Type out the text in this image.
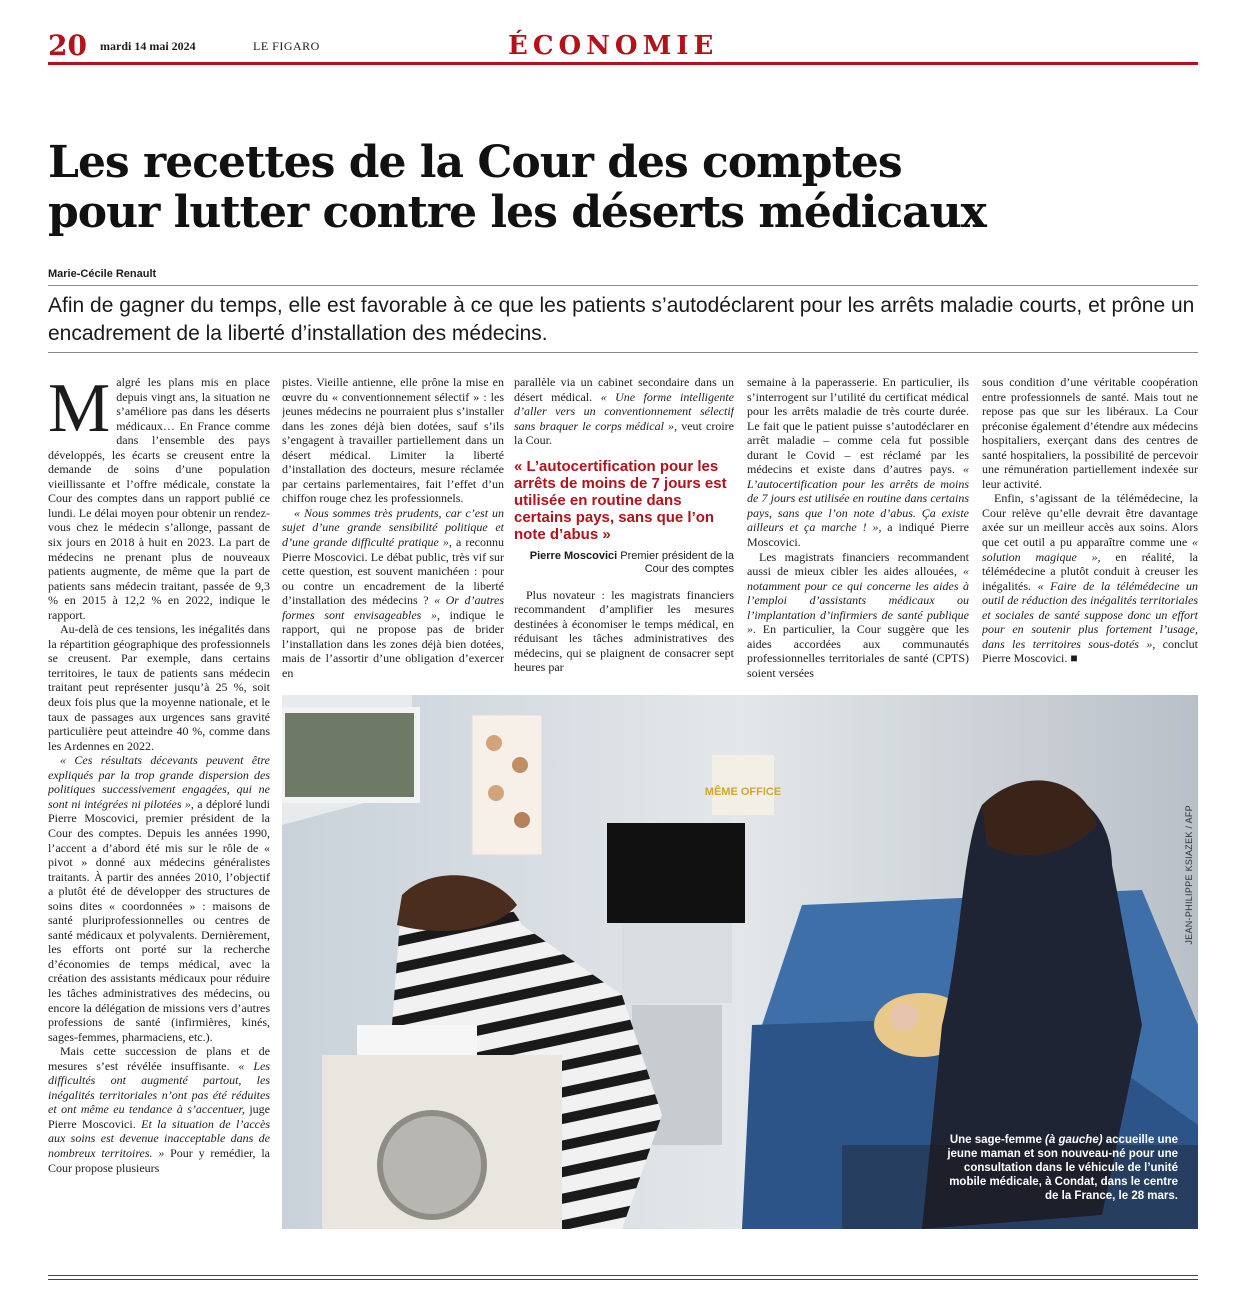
20 mardi 14 mai 2024	LE FIGARO	ÉCONOMIE
Les recettes de la Cour des comptes
pour lutter contre les déserts médicaux
Marie-Cécile Renault

Afin de gagner du temps, elle est favorable à ce que les patients s’autodéclarent pour les arrêts maladie courts, et prône un encadrement de la liberté d’installation des médecins.

Malgré les plans mis en place depuis vingt ans, la situation ne s’améliore pas dans les déserts médicaux… En France comme dans l’ensemble des pays développés, les écarts se creusent entre la demande de soins d’une population vieillissante et l’offre médicale, constate la Cour des comptes dans un rapport publié ce lundi. Le délai moyen pour obtenir un rendez-vous chez le médecin s’allonge, passant de six jours en 2018 à huit en 2023. La part de médecins ne prenant plus de nouveaux patients augmente, de même que la part de patients sans médecin traitant, passée de 9,3 % en 2015 à 12,2 % en 2022, indique le rapport.

Au-delà de ces tensions, les inégalités dans la répartition géographique des professionnels se creusent. Par exemple, dans certains territoires, le taux de patients sans médecin traitant peut représenter jusqu’à 25 %, soit deux fois plus que la moyenne nationale, et le taux de passages aux urgences sans gravité particulière peut atteindre 40 %, comme dans les Ardennes en 2022.

« Ces résultats décevants peuvent être expliqués par la trop grande dispersion des politiques successivement engagées, qui ne sont ni intégrées ni pilotées », a déploré lundi Pierre Moscovici, premier président de la Cour des comptes. Depuis les années 1990, l’accent a d’abord été mis sur le rôle de « pivot » donné aux médecins généralistes traitants. À partir des années 2010, l’objectif a plutôt été de développer des structures de soins dites « coordonnées » : maisons de santé pluriprofessionnelles ou centres de santé médicaux et polyvalents. Dernièrement, les efforts ont porté sur la recherche d’économies de temps médical, avec la création des assistants médicaux pour réduire les tâches administratives des médecins, ou encore la délégation de missions vers d’autres professions de santé (infirmières, kinés, sages-femmes, pharmaciens, etc.).

Mais cette succession de plans et de mesures s’est révélée insuffisante. « Les difficultés ont augmenté partout, les inégalités territoriales n’ont pas été réduites et ont même eu tendance à s’accentuer, juge Pierre Moscovici. Et la situation de l’accès aux soins est devenue inacceptable dans de nombreux territoires. » Pour y remédier, la Cour propose plusieurs

pistes. Vieille antienne, elle prône la mise en œuvre du « conventionnement sélectif » : les jeunes médecins ne pourraient plus s’installer dans les zones déjà bien dotées, sauf s’ils s’engagent à travailler partiellement dans un désert médical. Limiter la liberté d’installation des docteurs, mesure réclamée par certains parlementaires, fait l’effet d’un chiffon rouge chez les professionnels.

« Nous sommes très prudents, car c’est un sujet d’une grande sensibilité politique et d’une grande difficulté pratique », a reconnu Pierre Moscovici. Le débat public, très vif sur cette question, est souvent manichéen : pour ou contre un encadrement de la liberté d’installation des médecins ? « Or d’autres formes sont envisageables », indique le rapport, qui ne propose pas de brider l’installation dans les zones déjà bien dotées, mais de l’assortir d’une obligation d’exercer en

parallèle via un cabinet secondaire dans un désert médical. « Une forme intelligente d’aller vers un conventionnement sélectif sans braquer le corps médical », veut croire la Cour.

« L’autocertification pour les arrêts de moins de 7 jours est utilisée en routine dans certains pays, sans que l’on note d’abus »
Pierre Moscovici Premier président de la Cour des comptes

Plus novateur : les magistrats financiers recommandent d’amplifier les mesures destinées à économiser le temps médical, en réduisant les tâches administratives des médecins, qui se plaignent de consacrer sept heures par

semaine à la paperasserie. En particulier, ils s’interrogent sur l’utilité du certificat médical pour les arrêts maladie de très courte durée. Le fait que le patient puisse s’autodéclarer en arrêt maladie – comme cela fut possible durant le Covid – est réclamé par les médecins et existe dans d’autres pays. « L’autocertification pour les arrêts de moins de 7 jours est utilisée en routine dans certains pays, sans que l’on note d’abus. Ça existe ailleurs et ça marche ! », a indiqué Pierre Moscovici.

Les magistrats financiers recommandent aussi de mieux cibler les aides allouées, « notamment pour ce qui concerne les aides à l’emploi d’assistants médicaux ou l’implantation d’infirmiers de santé publique ». En particulier, la Cour suggère que les aides accordées aux communautés professionnelles territoriales de santé (CPTS) soient versées

sous condition d’une véritable coopération entre professionnels de santé. Mais tout ne repose pas que sur les libéraux. La Cour préconise également d’étendre aux médecins hospitaliers, exerçant dans des centres de santé hospitaliers, la possibilité de percevoir une rémunération partiellement indexée sur leur activité.

Enfin, s’agissant de la télémédecine, la Cour relève qu’elle devrait être davantage axée sur un meilleur accès aux soins. Alors que cet outil a pu apparaître comme une « solution magique », en réalité, la télémédecine a plutôt conduit à creuser les inégalités. « Faire de la télémédecine un outil de réduction des inégalités territoriales et sociales de santé suppose donc un effort pour en soutenir plus fortement l’usage, dans les territoires sous-dotés », conclut Pierre Moscovici. ■

MÊME OFFICE
Une sage-femme (à gauche) accueille une jeune maman et son nouveau-né pour une consultation dans le véhicule de l’unité mobile médicale, à Condat, dans le centre de la France, le 28 mars.
JEAN-PHILIPPE KSIAZEK / AFP
